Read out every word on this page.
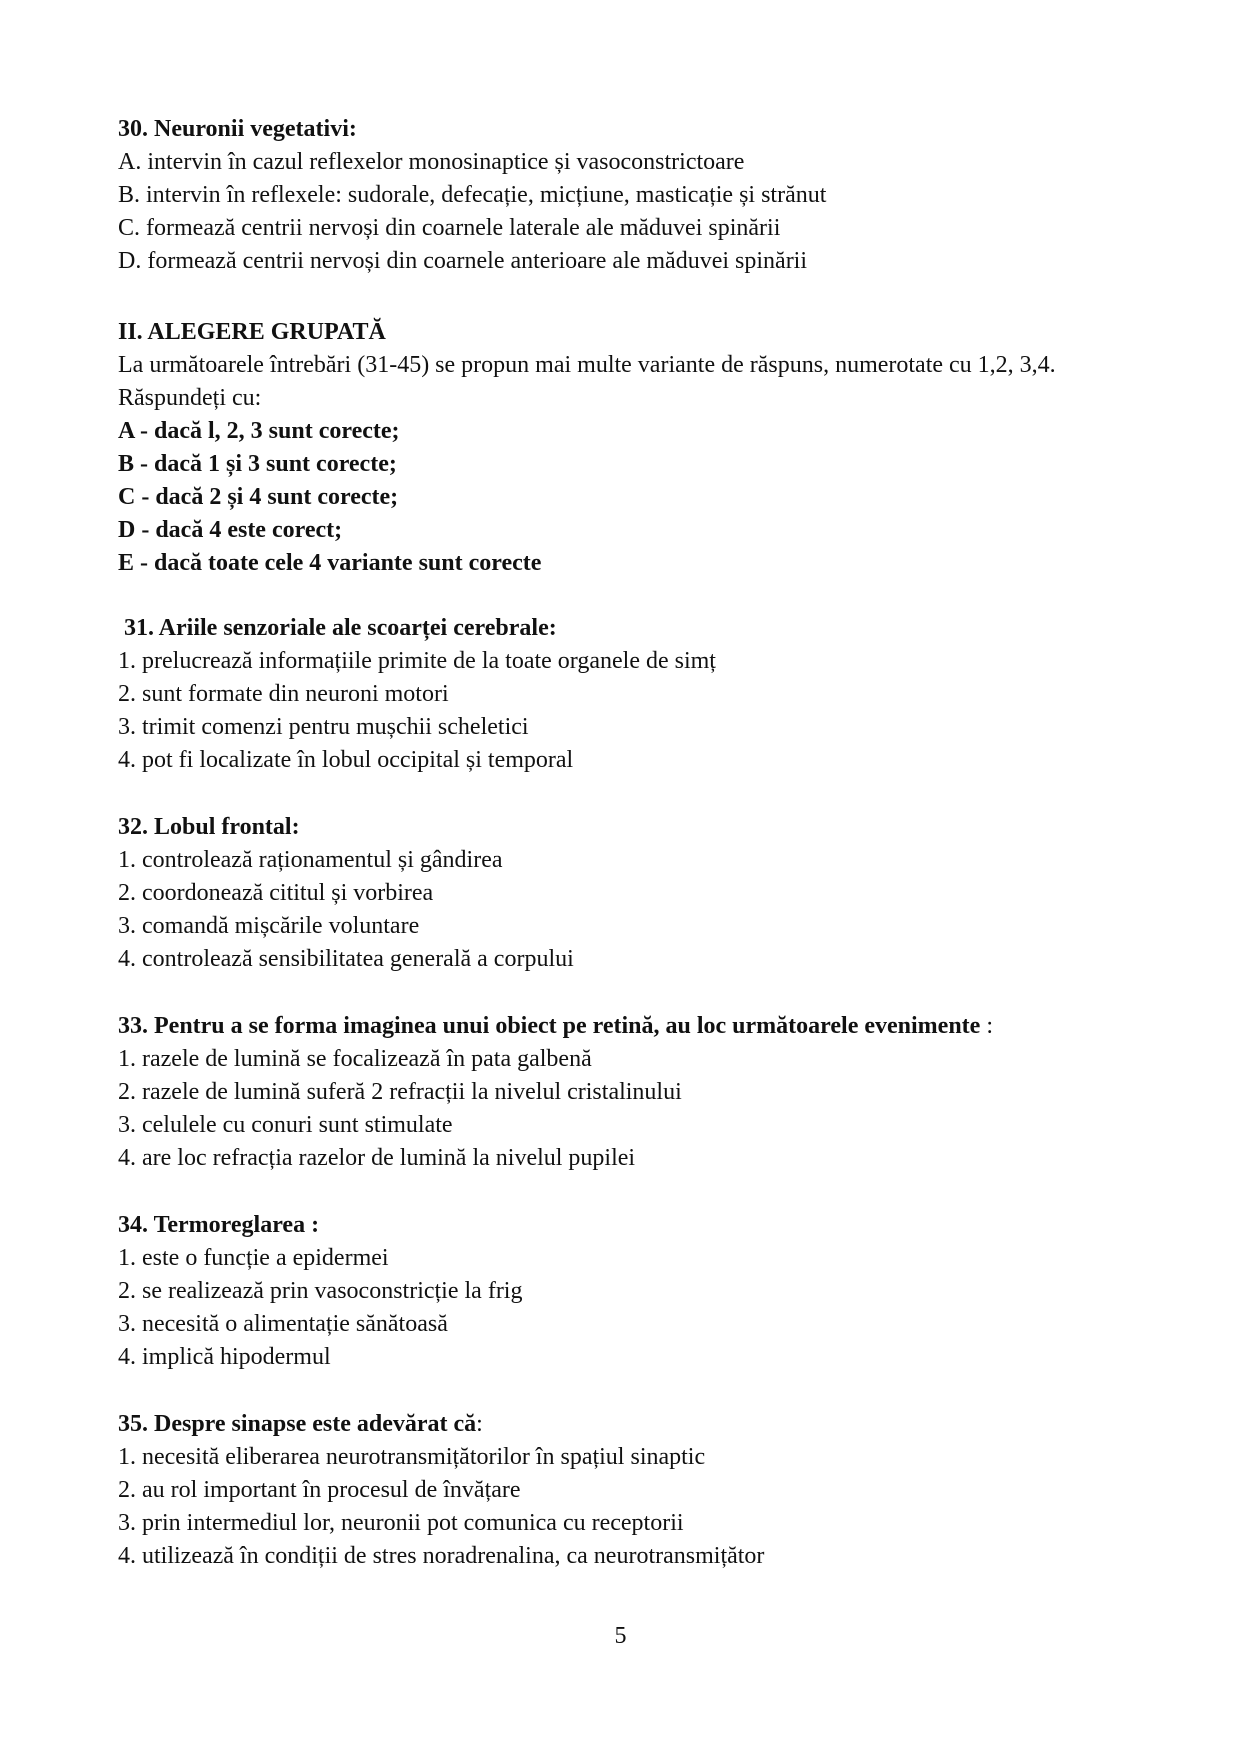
30. Neuronii vegetativi:
A. intervin în cazul reflexelor monosinaptice și vasoconstrictoare
B. intervin în reflexele: sudorale, defecație, micțiune, masticație și strănut
C. formează centrii nervoși din coarnele laterale ale măduvei spinării
D. formează centrii nervoși din coarnele anterioare ale măduvei spinării
II. ALEGERE GRUPATĂ
La următoarele întrebări (31-45) se propun mai multe variante de răspuns, numerotate cu 1,2, 3,4.
Răspundeți cu:
A - dacă l, 2, 3 sunt corecte;
B - dacă 1 și 3 sunt corecte;
C - dacă 2 și 4 sunt corecte;
D - dacă 4 este corect;
E - dacă toate cele 4 variante sunt corecte
31. Ariile senzoriale ale scoarței cerebrale:
1. prelucrează informațiile primite de la toate organele de simț
2. sunt formate din neuroni motori
3. trimit comenzi pentru mușchii scheletici
4. pot fi localizate în lobul occipital și temporal
32. Lobul frontal:
1. controlează raționamentul și gândirea
2. coordonează cititul și vorbirea
3. comandă mișcările voluntare
4. controlează sensibilitatea generală a corpului
33. Pentru a se forma imaginea unui obiect pe retină, au loc următoarele evenimente :
1. razele de lumină se focalizează în pata galbenă
2. razele de lumină suferă 2 refracții la nivelul cristalinului
3. celulele cu conuri sunt stimulate
4. are loc refracția razelor de lumină la nivelul pupilei
34. Termoreglarea :
1. este o funcție a epidermei
2. se realizează prin vasoconstricție la frig
3. necesită o alimentație sănătoasă
4. implică hipodermul
35. Despre sinapse este adevărat că:
1. necesită eliberarea neurotransmițătorilor în spațiul sinaptic
2. au rol important în procesul de învățare
3. prin intermediul lor, neuronii pot comunica cu receptorii
4. utilizează în condiții de stres noradrenalina, ca neurotransmițător
5
